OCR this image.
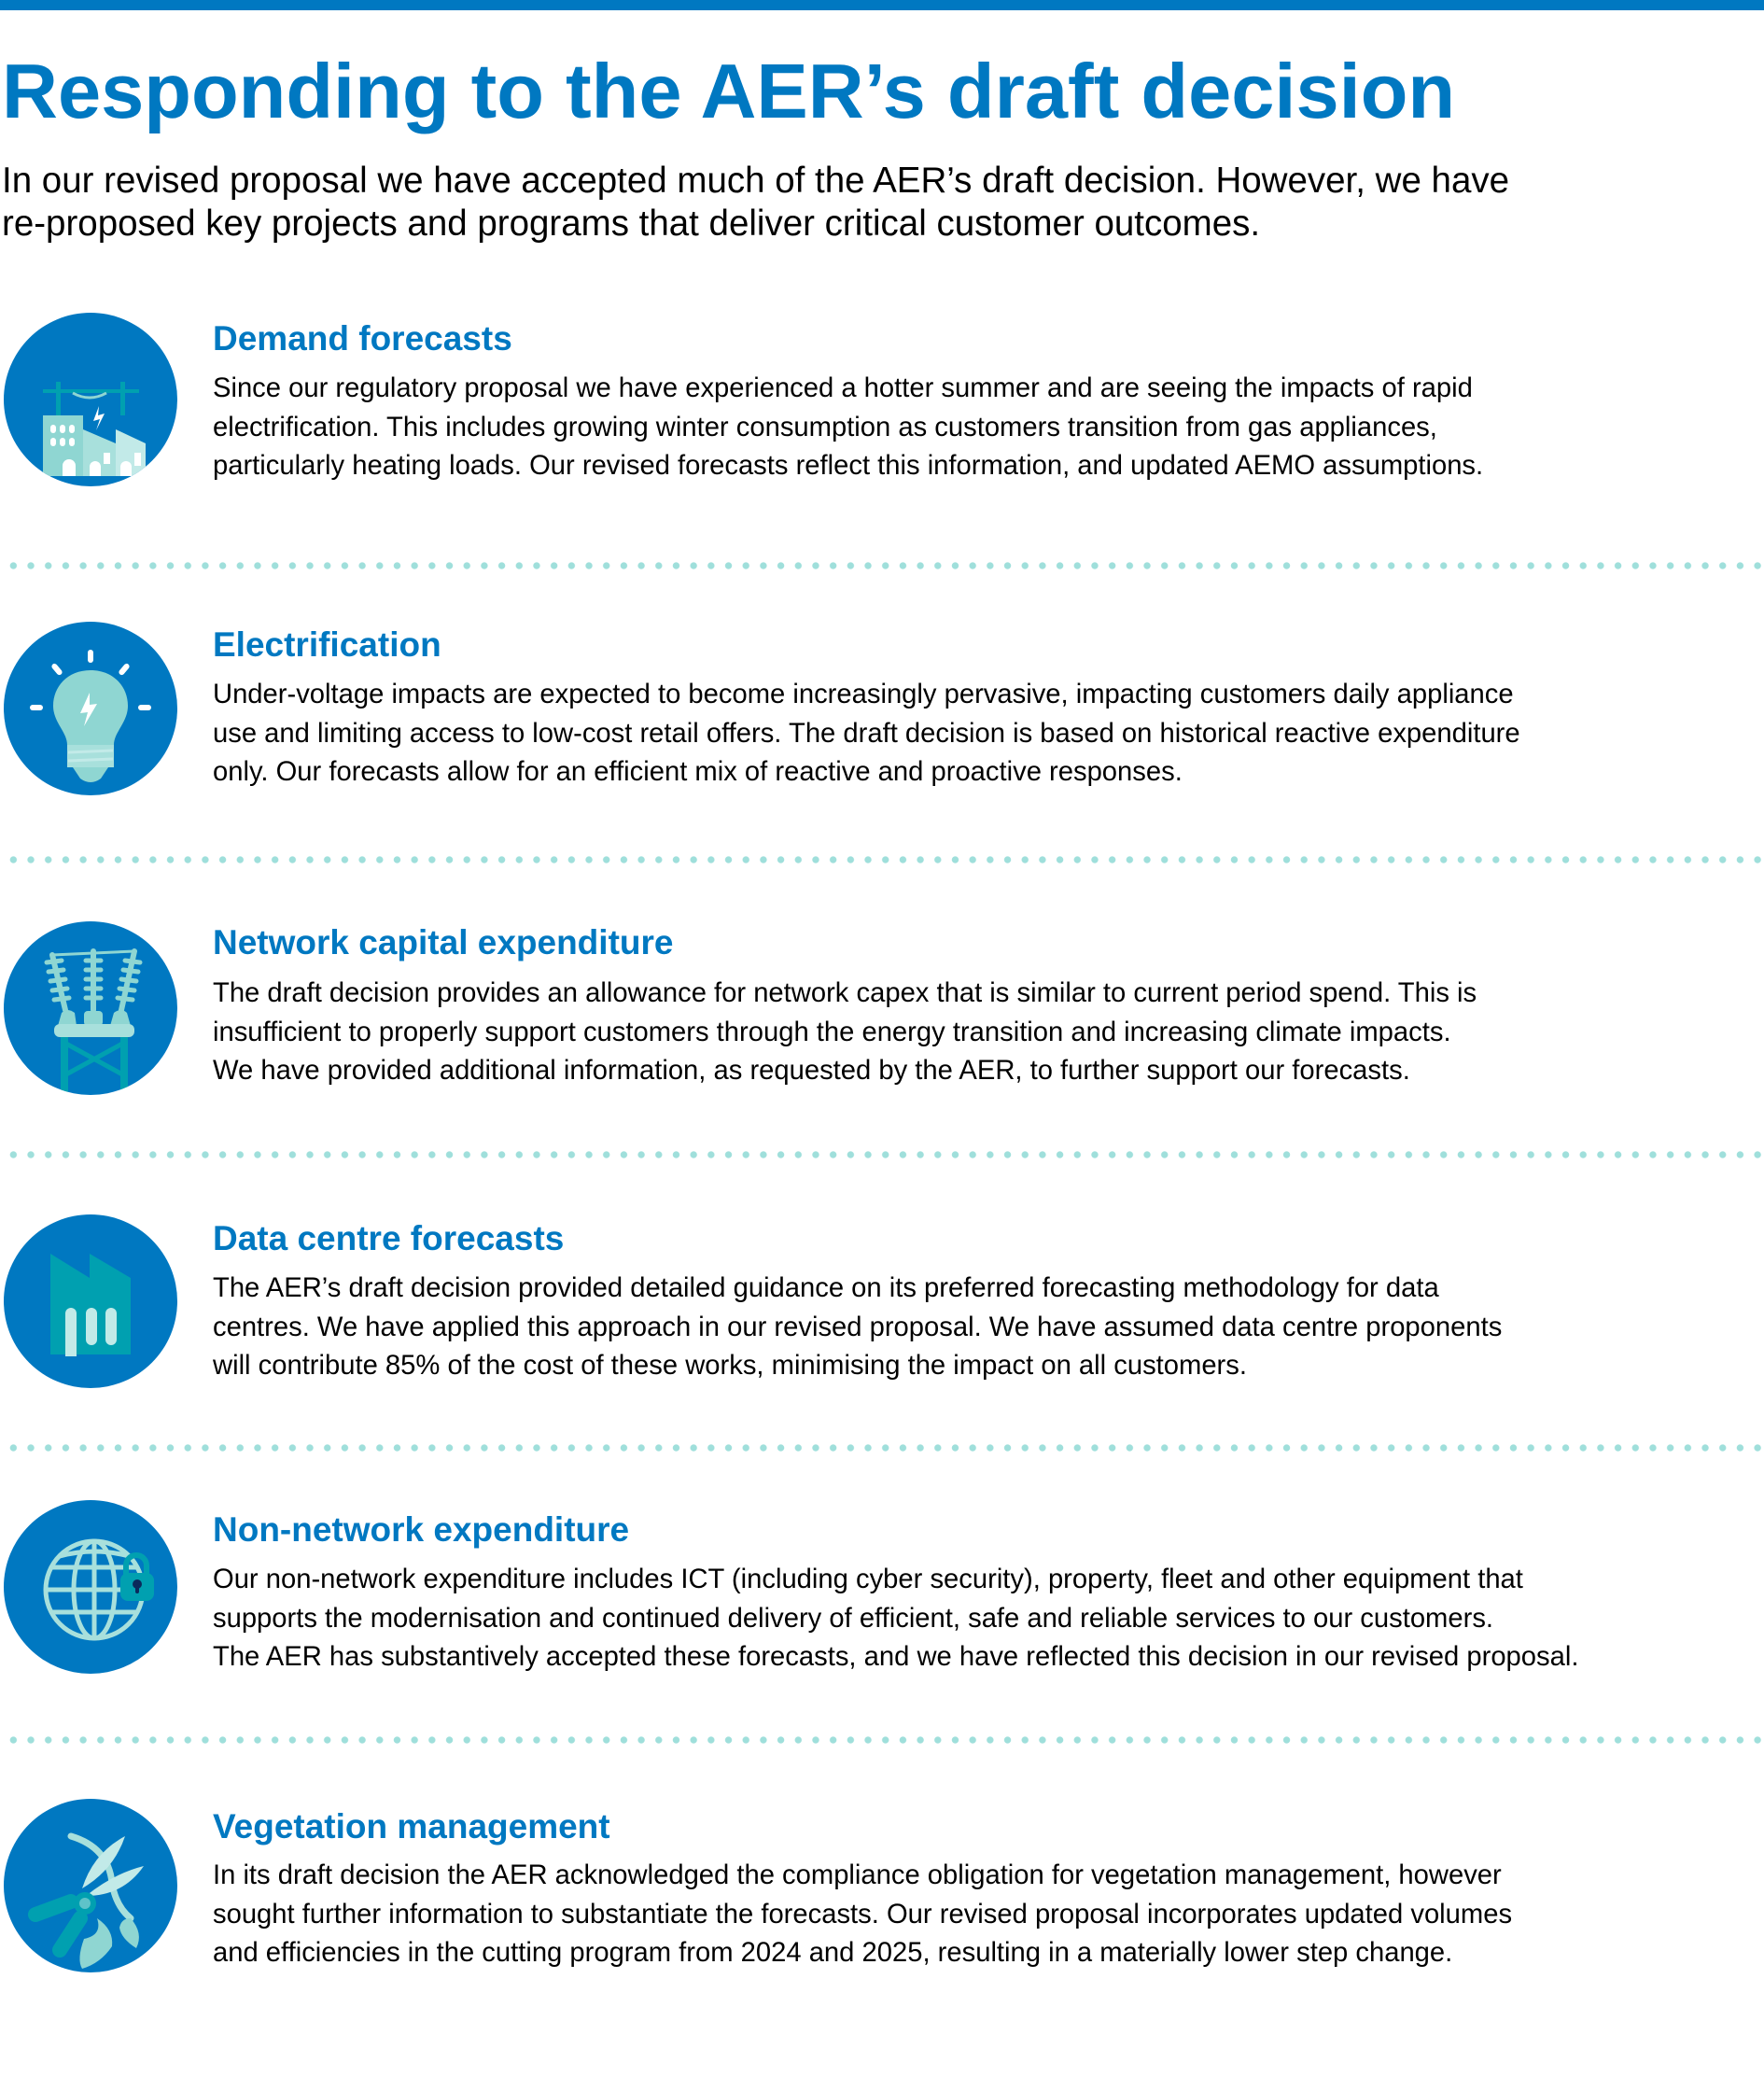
Responding to the AER’s draft decision

In our revised proposal we have accepted much of the AER’s draft decision. However, we have
re-proposed key projects and programs that deliver critical customer outcomes.

Demand forecasts

Since our regulatory proposal we have experienced a hotter summer and are seeing the impacts of rapid
electrification. This includes growing winter consumption as customers transition from gas appliances,
particularly heating loads. Our revised forecasts reflect this information, and updated AEMO assumptions.

Electrification

Under-voltage impacts are expected to become increasingly pervasive, impacting customers daily appliance
use and limiting access to low-cost retail offers. The draft decision is based on historical reactive expenditure
only. Our forecasts allow for an efficient mix of reactive and proactive responses.

Network capital expenditure

The draft decision provides an allowance for network capex that is similar to current period spend. This is
insufficient to properly support customers through the energy transition and increasing climate impacts.
We have provided additional information, as requested by the AER, to further support our forecasts.

Data centre forecasts

The AER’s draft decision provided detailed guidance on its preferred forecasting methodology for data
centres. We have applied this approach in our revised proposal. We have assumed data centre proponents
will contribute 85% of the cost of these works, minimising the impact on all customers.

Non-network expenditure

Our non-network expenditure includes ICT (including cyber security), property, fleet and other equipment that
supports the modernisation and continued delivery of efficient, safe and reliable services to our customers.
The AER has substantively accepted these forecasts, and we have reflected this decision in our revised proposal.

Vegetation management

In its draft decision the AER acknowledged the compliance obligation for vegetation management, however
sought further information to substantiate the forecasts. Our revised proposal incorporates updated volumes
and efficiencies in the cutting program from 2024 and 2025, resulting in a materially lower step change.
